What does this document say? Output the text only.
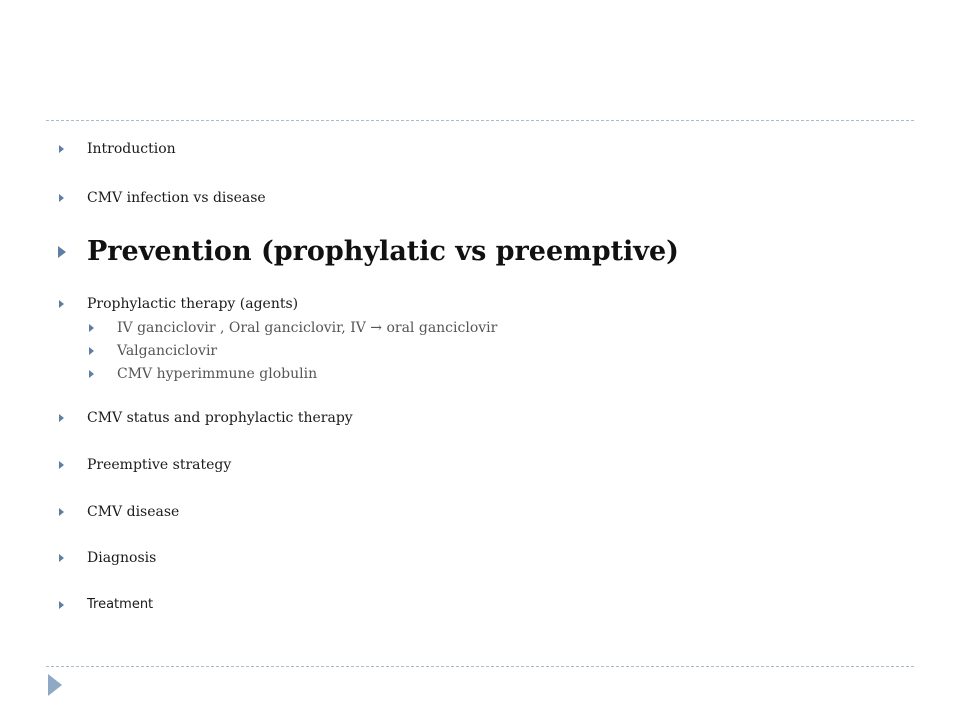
Introduction
CMV infection vs disease
Prevention (prophylatic vs preemptive)
Prophylactic therapy (agents)
IV ganciclovir , Oral ganciclovir, IV → oral ganciclovir
Valganciclovir
CMV hyperimmune globulin
CMV status and prophylactic therapy
Preemptive strategy
CMV disease
Diagnosis
Treatment
